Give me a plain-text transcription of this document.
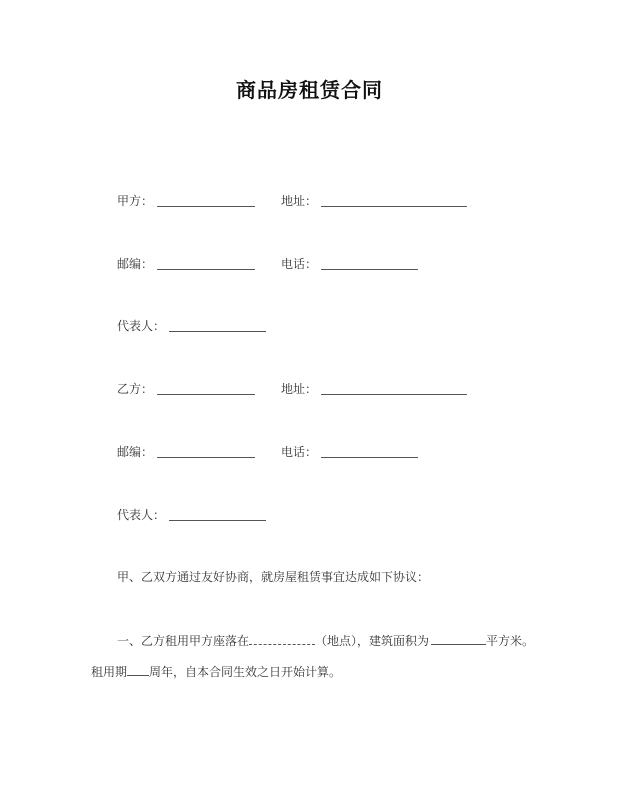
商品房租赁合同
甲方：	地址：
邮编：	电话：
代表人：
乙方：	地址：
邮编：	电话：
代表人：
甲、乙双方通过友好协商，就房屋租赁事宜达成如下协议：
一、乙方租用甲方座落在	（地点），建筑面积为	平方米。
租用期 周年，自本合同生效之日开始计算。
